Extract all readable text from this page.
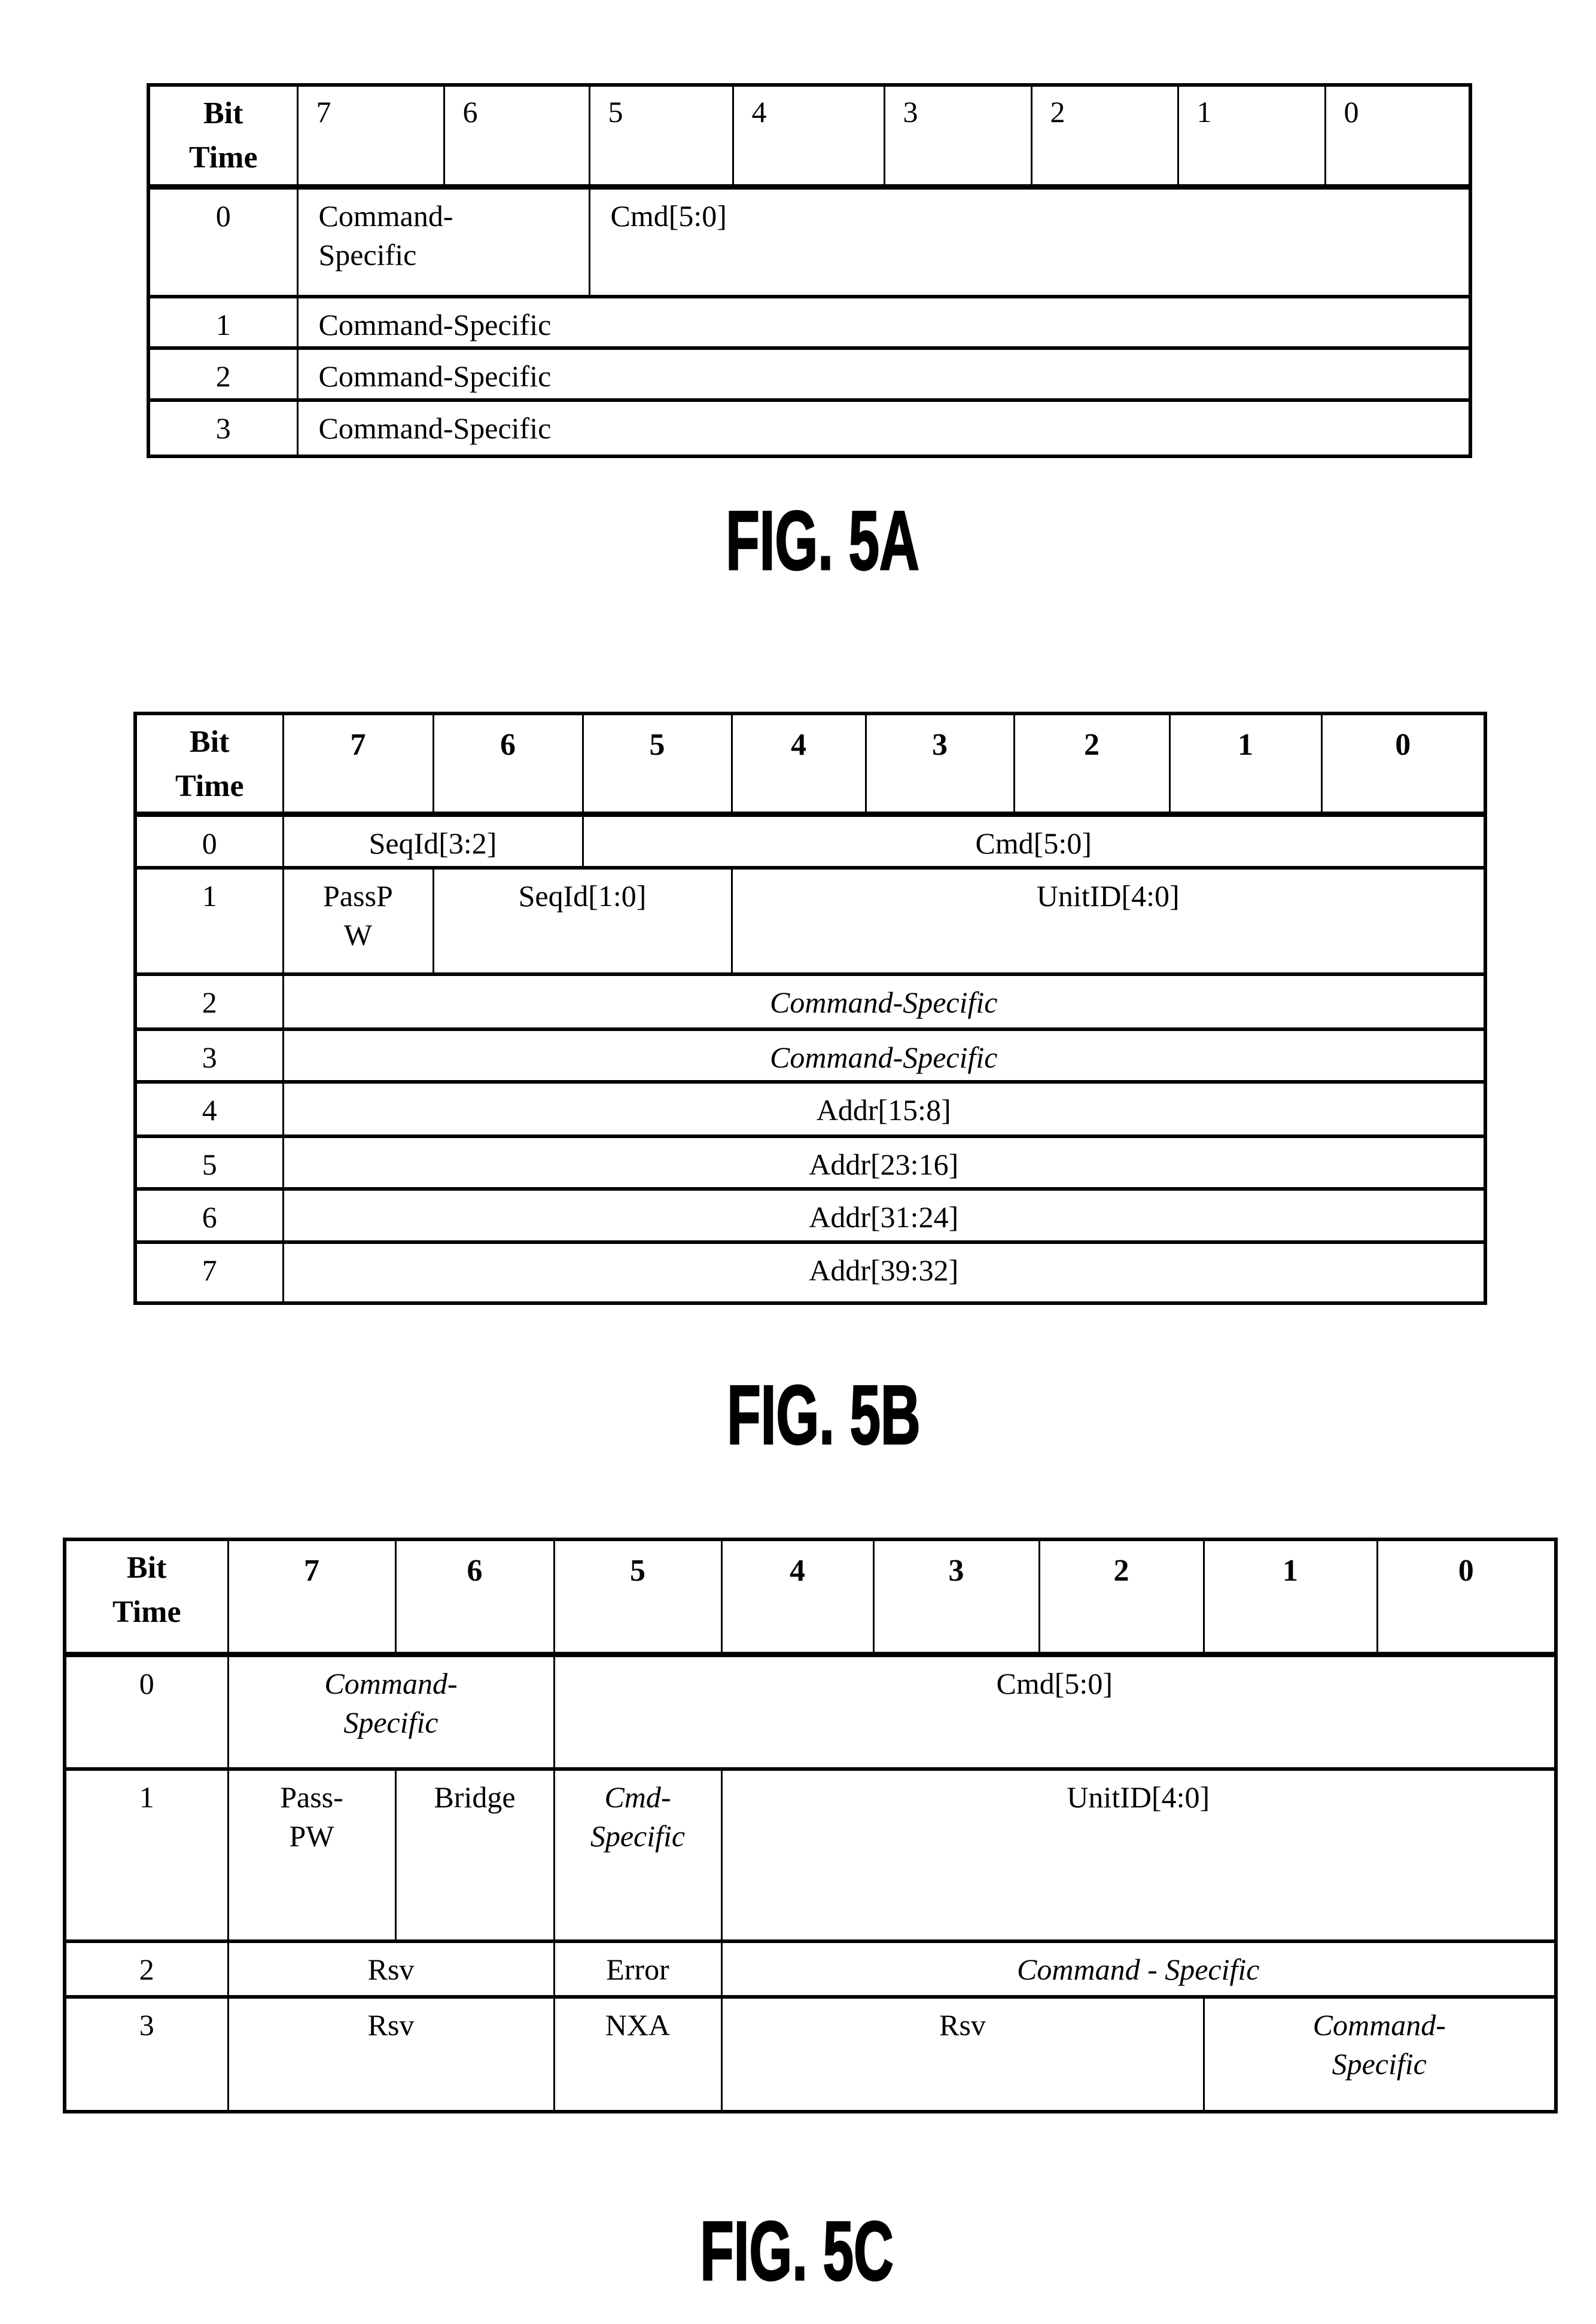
Bit Time	7	6	5	4	3	2	1	0
0	Command-Specific		Cmd[5:0]					
1	Command-Specific							
2	Command-Specific							
3	Command-Specific							
FIG. 5A
Bit Time	7	6	5	4	3	2	1	0
0	SeqId[3:2]		Cmd[5:0]					
1	PassPW	SeqId[1:0]		UnitID[4:0]				
2	Command-Specific							
3	Command-Specific							
4	Addr[15:8]							
5	Addr[23:16]							
6	Addr[31:24]							
7	Addr[39:32]							
FIG. 5B
Bit Time	7	6	5	4	3	2	1	0
0	Command-Specific		Cmd[5:0]					
1	Pass-PW	Bridge	Cmd-Specific	UnitID[4:0]				
2	Rsv		Error	Command - Specific				
3	Rsv		NXA	Rsv			Command-Specific	
FIG. 5C
